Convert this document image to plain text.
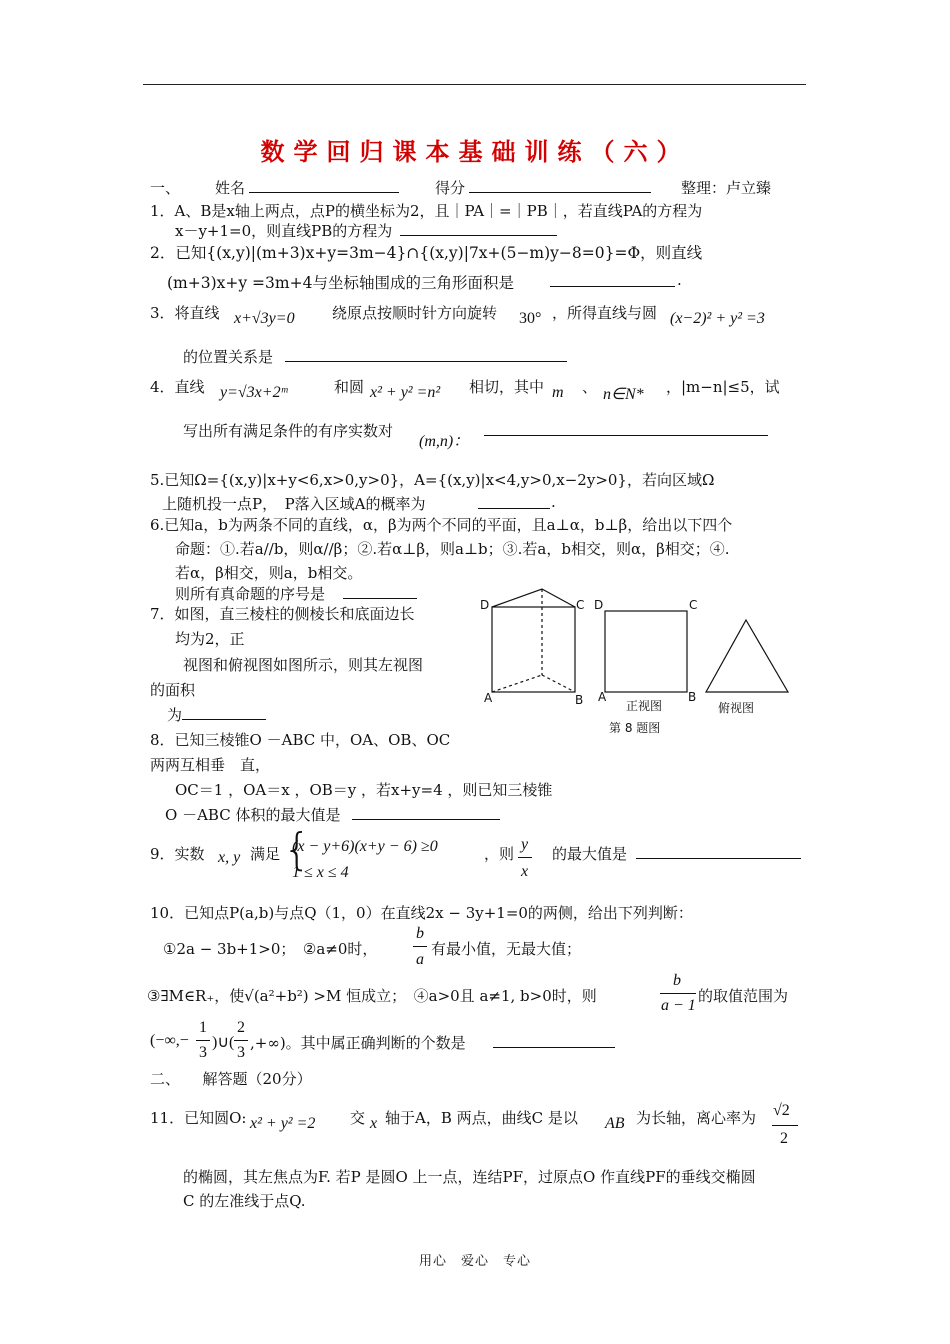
数学回归课本基础训练（六）
一、 姓名	得分	整理：卢立臻
1．A、B是x轴上两点，点P的横坐标为2，且｜PA｜=｜PB｜，若直线PA的方程为
x－y+1=0，则直线PB的方程为
2．已知{(x,y)|(m+3)x+y=3m−4}∩{(x,y)|7x+(5−m)y−8=0}=Φ，则直线
(m+3)x+y =3m+4与坐标轴围成的三角形面积是	.
3．将直线 x+√3y=0 绕原点按顺时针方向旋转 30° ，所得直线与圆 (x−2)² + y² =3
的位置关系是
4．直线 y=√3x+2ᵐ	和圆 x² + y² =n² 相切，其中 m 、 n∈N* ，|m−n|≤5，试
写出所有满足条件的有序实数对
(m,n)：
5.已知Ω={(x,y)|x+y<6,x>0,y>0}，A={(x,y)|x<4,y>0,x−2y>0}，若向区域Ω
上随机投一点P，　P落入区域A的概率为	.
6.已知a，b为两条不同的直线，α，β为两个不同的平面，且a⊥α，b⊥β，给出以下四个
命题：①.若a//b，则α//β；②.若α⊥β，则a⊥b；③.若a，b相交，则α，β相交；④.
若α，β相交，则a，b相交。
则所有真命题的序号是
7．如图，直三棱柱的侧棱长和底面边长
均为2，正
视图和俯视图如图所示，则其左视图
的面积
为
D	C
A	B
D	C
A	B
正视图	俯视图
第 8 题图
8．已知三棱锥O －ABC 中，OA、OB、OC
两两互相垂　直，
OC＝1 ，OA＝x ，OB＝y ，若x+y=4 ，则已知三棱锥
O －ABC 体积的最大值是
9．实数 x, y 满足 {
(x − y+6)(x+y − 6) ≥0
1 ≤ x ≤ 4
，则
y
x
的最大值是
10．已知点P(a,b)与点Q（1，0）在直线2x − 3y+1=0的两侧，给出下列判断：
①2a − 3b+1>0；　②a≠0时，
b
a
有最小值，无最大值；
③∃M∈R₊，使√(a²+b²) >M 恒成立；　④a>0且 a≠1, b>0时，则
b
a − 1
的取值范围为
(−∞,−
1
3
)∪(
2
3
,+∞)。其中属正确判断的个数是
二、　　解答题（20分）
11．已知圆O: x² + y² =2 交 x 轴于A，B 两点，曲线C 是以 AB 为长轴，离心率为 √2
2
的椭圆，其左焦点为F. 若P 是圆O 上一点，连结PF，过原点O 作直线PF的垂线交椭圆
C 的左准线于点Q.
用心　爱心　专心
